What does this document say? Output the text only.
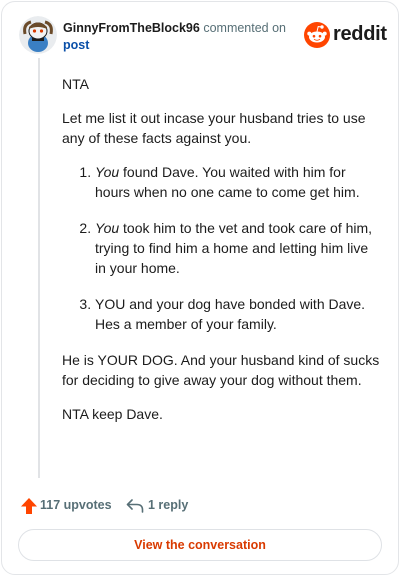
GinnyFromTheBlock96 commented on
post	reddit

NTA

Let me list it out incase your husband tries to use any of these facts against you.

1. You found Dave. You waited with him for hours when no one came to come get him.
2. You took him to the vet and took care of him, trying to find him a home and letting him live in your home.
3. YOU and your dog have bonded with Dave. Hes a member of your family.

He is YOUR DOG. And your husband kind of sucks for deciding to give away your dog without them.

NTA keep Dave.

117 upvotes	1 reply
View the conversation
